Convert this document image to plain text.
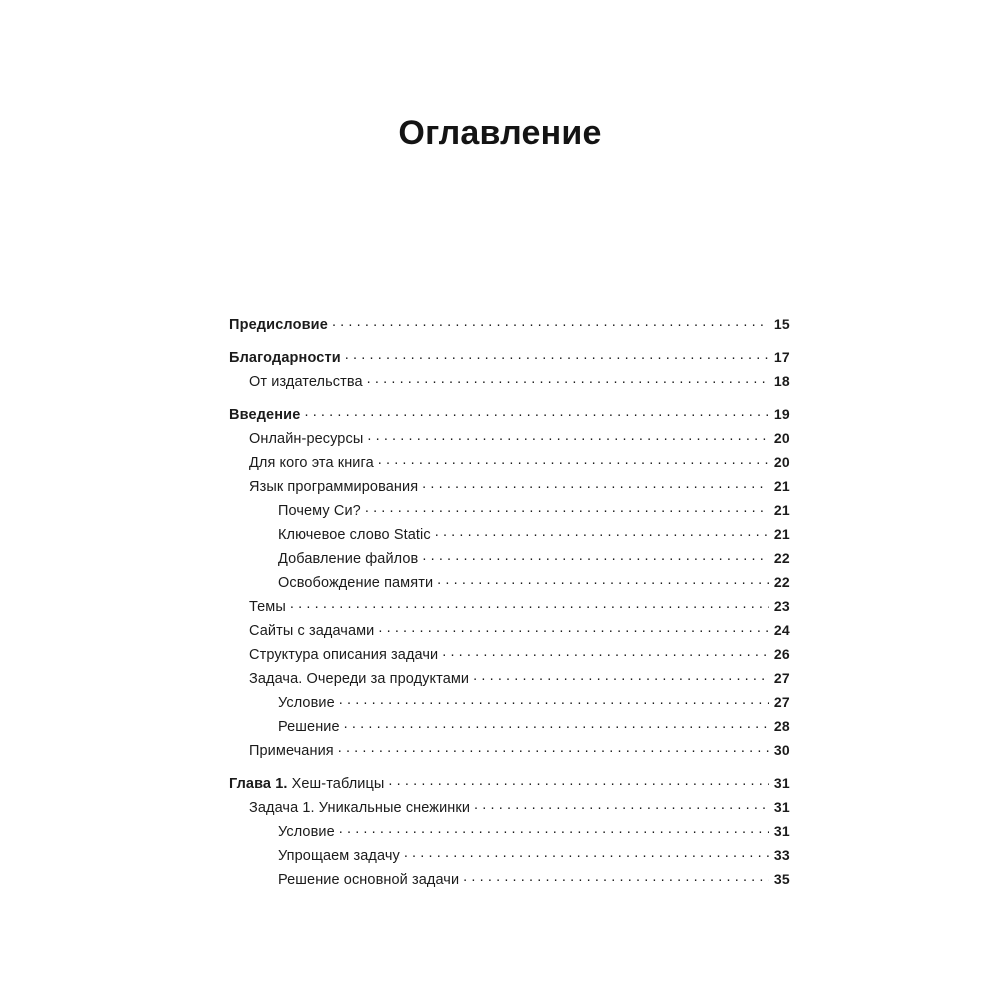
Оглавление
Предисловие .....	15
Благодарности .....	17
От издательства .....	18
Введение .....	19
Онлайн-ресурсы .....	20
Для кого эта книга .....	20
Язык программирования .....	21
Почему Си? .....	21
Ключевое слово Static .....	21
Добавление файлов .....	22
Освобождение памяти .....	22
Темы .....	23
Сайты с задачами .....	24
Структура описания задачи .....	26
Задача. Очереди за продуктами .....	27
Условие .....	27
Решение .....	28
Примечания .....	30
Глава 1. Хеш-таблицы .....	31
Задача 1. Уникальные снежинки .....	31
Условие .....	31
Упрощаем задачу .....	33
Решение основной задачи .....	35
